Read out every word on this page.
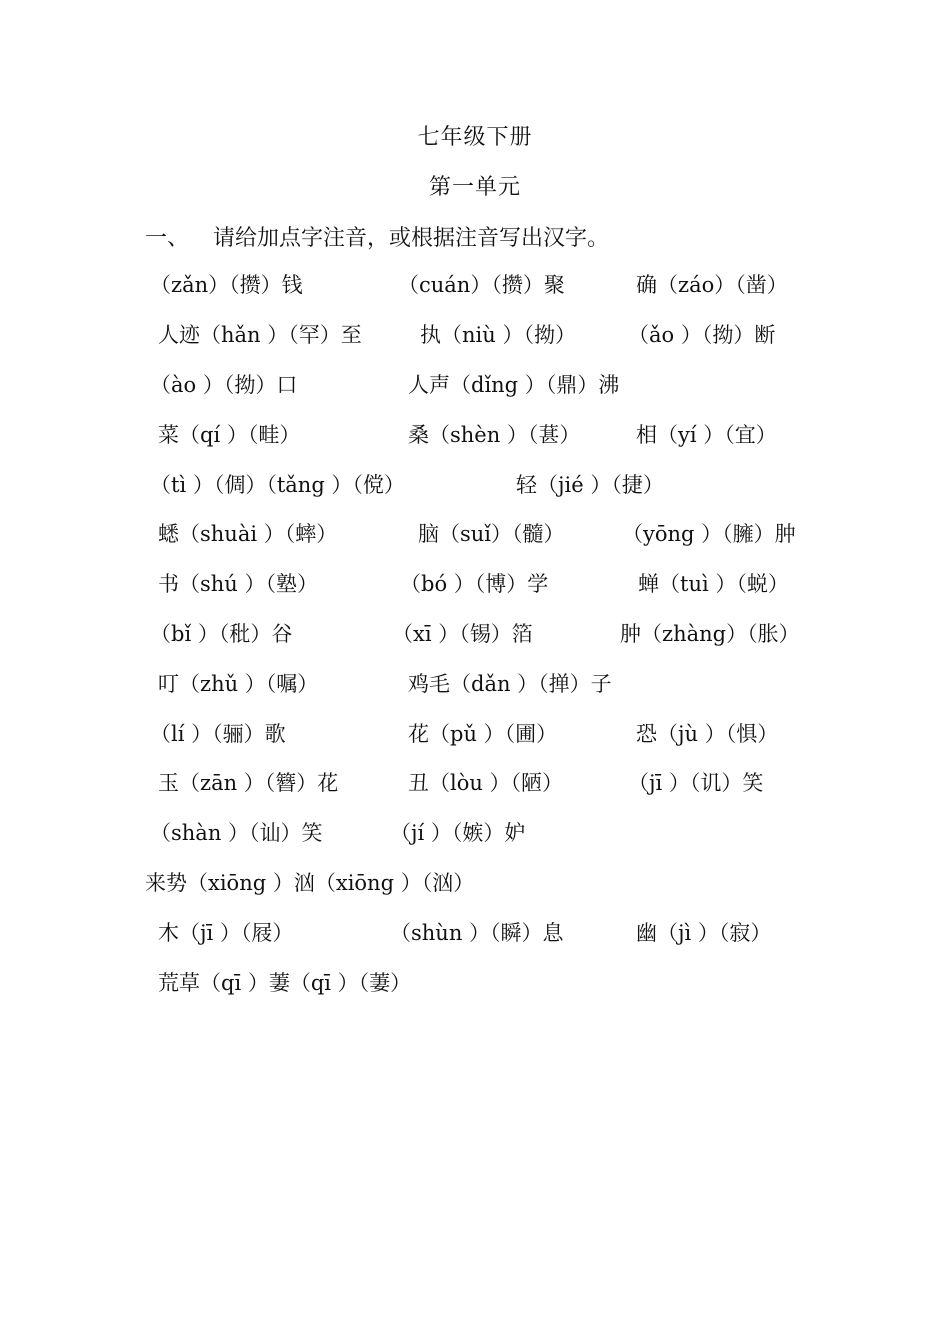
七年级下册
第一单元
一、 请给加点字注音，或根据注音写出汉字。
（zǎn）（攒）钱	（cuán）（攒）聚	确（záo）（凿）
人迹（hǎn ）（罕）至	执（niù ）（拗） （ǎo ）（拗）断
（ào ）（拗）口	人声（dǐng ）（鼎）沸
菜（qí ）（畦）	桑（shèn ）（葚）	相（yí ）（宜）
（tì ）（倜）（tǎng ）（傥）	轻（jié ）（捷）
蟋（shuài ）（蟀）	脑（suǐ）（髓）	（yōng ）（臃）肿
书（shú ）（塾）	（bó ）（博）学	蝉（tuì ）（蜕）
（bǐ ）（秕）谷	（xī ）（锡）箔	肿（zhàng）（胀）
叮（zhǔ ）（嘱）	鸡毛（dǎn ）（掸）子
（lí ）（骊）歌	花（pǔ ）（圃）	恐（jù ）（惧）
玉（zān ）（簪）花	丑（lòu ）（陋）	（jī ）（讥）笑
（shàn ）（讪）笑	（jí ）（嫉）妒
来势（xiōng ）汹（xiōng ）（汹）
木（jī ）（屐）	（shùn ）（瞬）息	幽（jì ）（寂）
荒草（qī ）萋（qī ）（萋）
